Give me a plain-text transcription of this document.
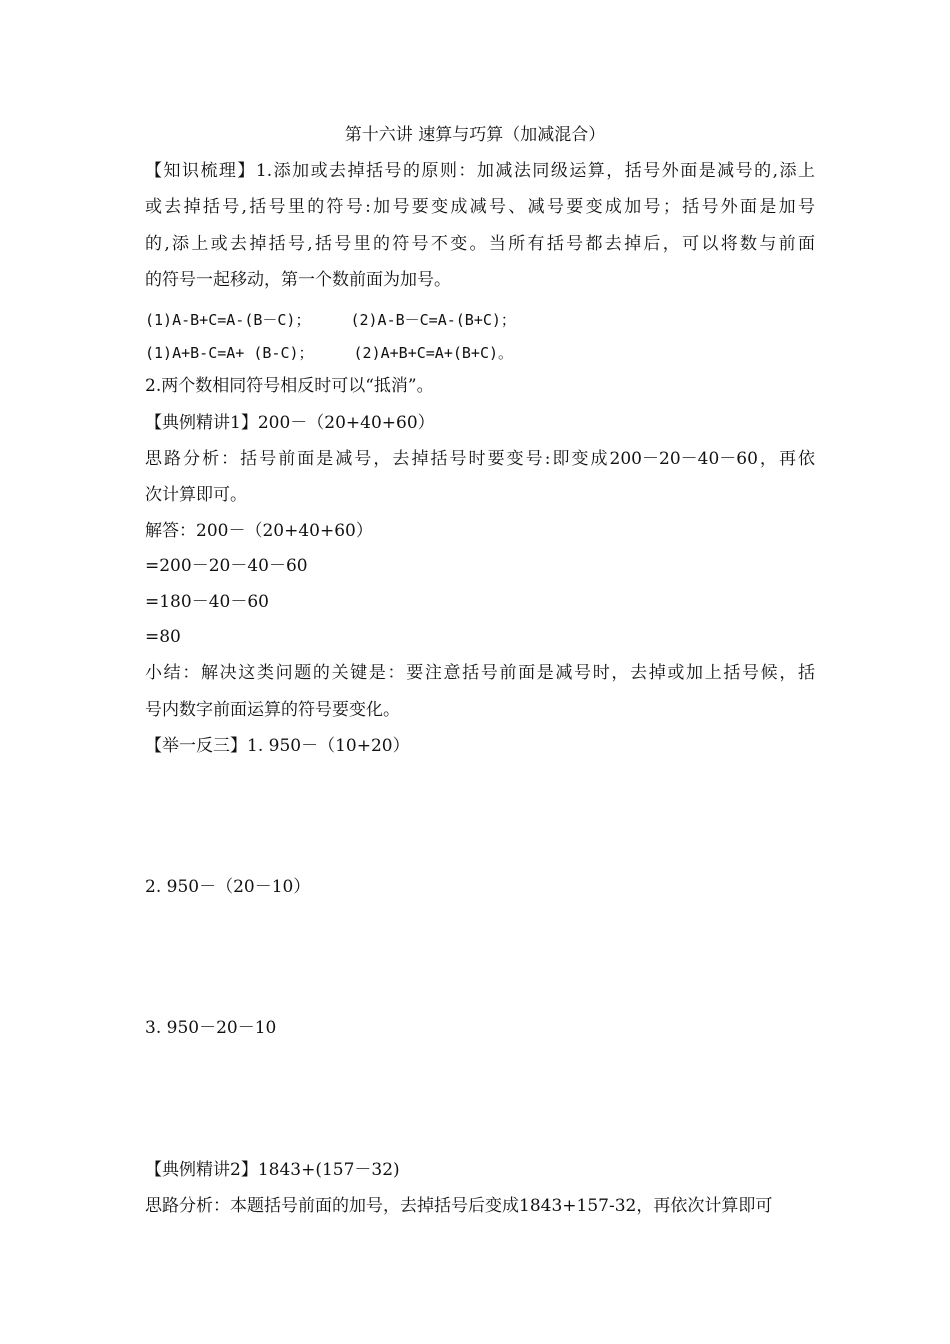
第十六讲 速算与巧算（加减混合）
【知识梳理】1.添加或去掉括号的原则：加减法同级运算，括号外面是减号的,添上
或去掉括号,括号里的符号:加号要变成减号、减号要变成加号；括号外面是加号
的,添上或去掉括号,括号里的符号不变。当所有括号都去掉后，可以将数与前面
的符号一起移动，第一个数前面为加号。
(1)A-B+C=A-(B－C)；	(2)A-B－C=A-(B+C)；
(1)A+B-C=A+ (B-C)；	(2)A+B+C=A+(B+C)。
2.两个数相同符号相反时可以“抵消”。
【典例精讲1】200－（20+40+60）
思路分析：括号前面是减号，去掉括号时要变号:即变成200－20－40－60，再依
次计算即可。
解答：200－（20+40+60）
=200－20－40－60
=180－40－60
=80
小结：解决这类问题的关键是：要注意括号前面是减号时，去掉或加上括号候，括
号内数字前面运算的符号要变化。
【举一反三】1. 950－（10+20）
2. 950－（20－10）
3. 950－20－10
【典例精讲2】1843+(157－32)
思路分析：本题括号前面的加号，去掉括号后变成1843+157-32，再依次计算即可
